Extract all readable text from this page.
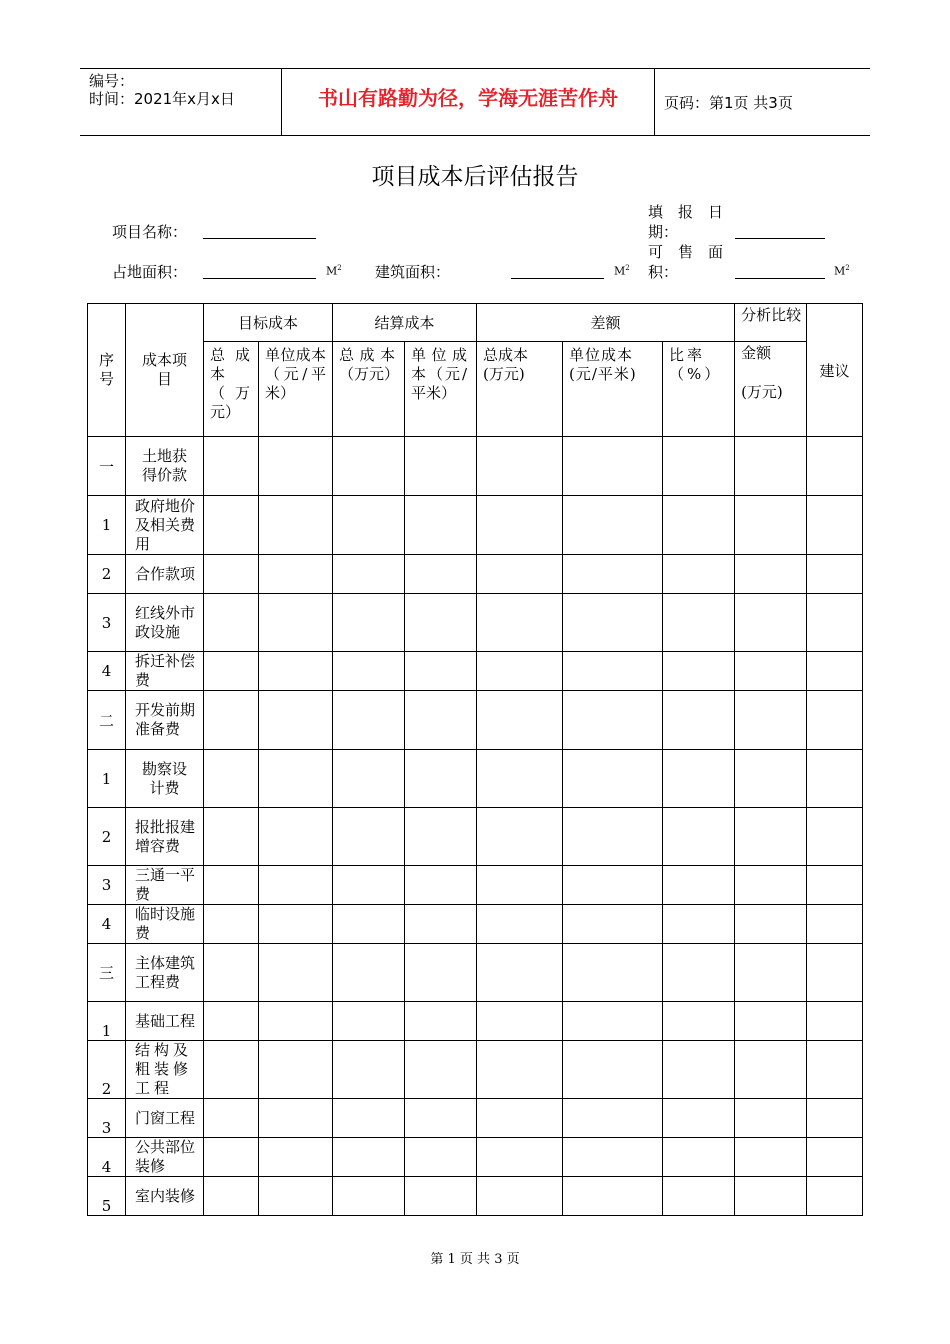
编号：
时间：2021年x月x日	书山有路勤为径，学海无涯苦作舟	页码：第1页 共3页
项目成本后评估报告
项目名称：
填　报　日
期：
占地面积：	$M^2$ 建筑面积：	$M^2$
可　售　面
积：	$M^2$
序号	成本项目	目标成本		结算成本		差额			分析比较	建议

		总成本（万元）	单位成本（元/平米）	总成本（万元）	单位成本（元/平米）	总成本(万元)	单位成本(元/平米)	比率（%）	金额
(万元)	

一	土地获得价款									
1	政府地价及相关费用									
2	合作款项									
3	红线外市政设施									
4	拆迁补偿费									
二	开发前期准备费									
1	勘察设计费									
2	报批报建增容费									
3	三通一平费									
4	临时设施费									
三	主体建筑工程费									
1	基础工程									
2	结构及粗装修工程									
3	门窗工程									
4	公共部位装修									
5	室内装修									
第 1 页 共 3 页
